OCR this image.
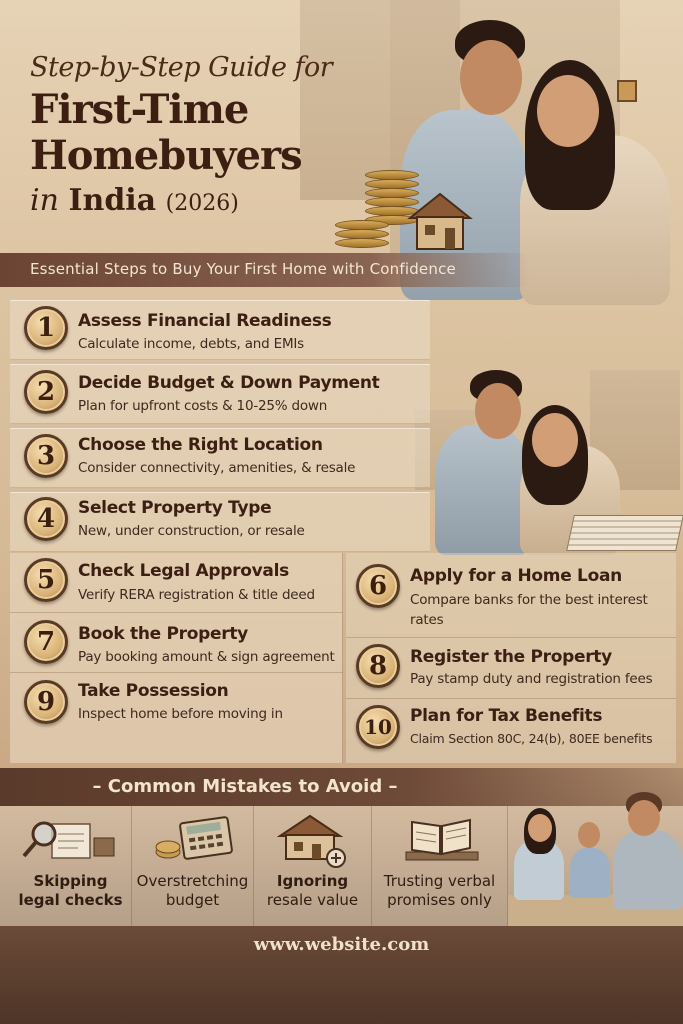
Step-by-Step Guide for
First-Time
Homebuyers
in India (2026)
Essential Steps to Buy Your First Home with Confidence
1	Assess Financial Readiness
Calculate income, debts, and EMIs
2	Decide Budget & Down Payment
Plan for upfront costs & 10-25% down
3	Choose the Right Location
Consider connectivity, amenities, & resale
4	Select Property Type
New, under construction, or resale
5	Check Legal Approvals
Verify RERA registration & title deed	6	Apply for a Home Loan
Compare banks for the best interest
rates
7	Book the Property
Pay booking amount & sign agreement	8	Register the Property
Pay stamp duty and registration fees
9	Take Possession
Inspect home before moving in
10	Plan for Tax Benefits
Claim Section 80C, 24(b), 80EE benefits
– Common Mistakes to Avoid –
Skipping
legal checks
Overstretching
budget
Ignoring
resale value
Trusting verbal
promises only
www.website.com
